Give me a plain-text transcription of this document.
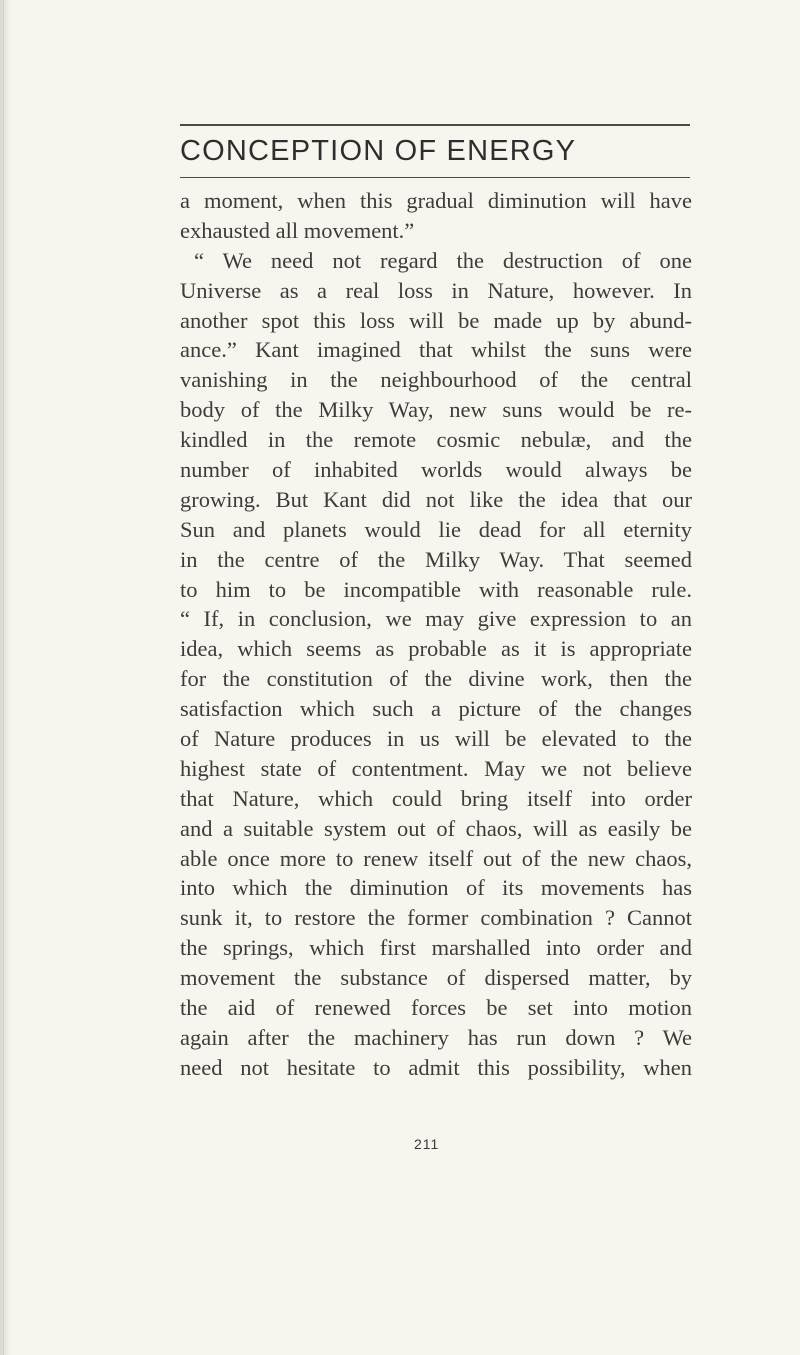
CONCEPTION OF ENERGY
a moment, when this gradual diminution will have
exhausted all movement.”
“ We need not regard the destruction of one
Universe as a real loss in Nature, however. In
another spot this loss will be made up by abund-
ance.” Kant imagined that whilst the suns were
vanishing in the neighbourhood of the central
body of the Milky Way, new suns would be re-
kindled in the remote cosmic nebulæ, and the
number of inhabited worlds would always be
growing. But Kant did not like the idea that our
Sun and planets would lie dead for all eternity
in the centre of the Milky Way. That seemed
to him to be incompatible with reasonable rule.
“ If, in conclusion, we may give expression to an
idea, which seems as probable as it is appropriate
for the constitution of the divine work, then the
satisfaction which such a picture of the changes
of Nature produces in us will be elevated to the
highest state of contentment. May we not believe
that Nature, which could bring itself into order
and a suitable system out of chaos, will as easily be
able once more to renew itself out of the new chaos,
into which the diminution of its movements has
sunk it, to restore the former combination ? Cannot
the springs, which first marshalled into order and
movement the substance of dispersed matter, by
the aid of renewed forces be set into motion
again after the machinery has run down ? We
need not hesitate to admit this possibility, when
211
